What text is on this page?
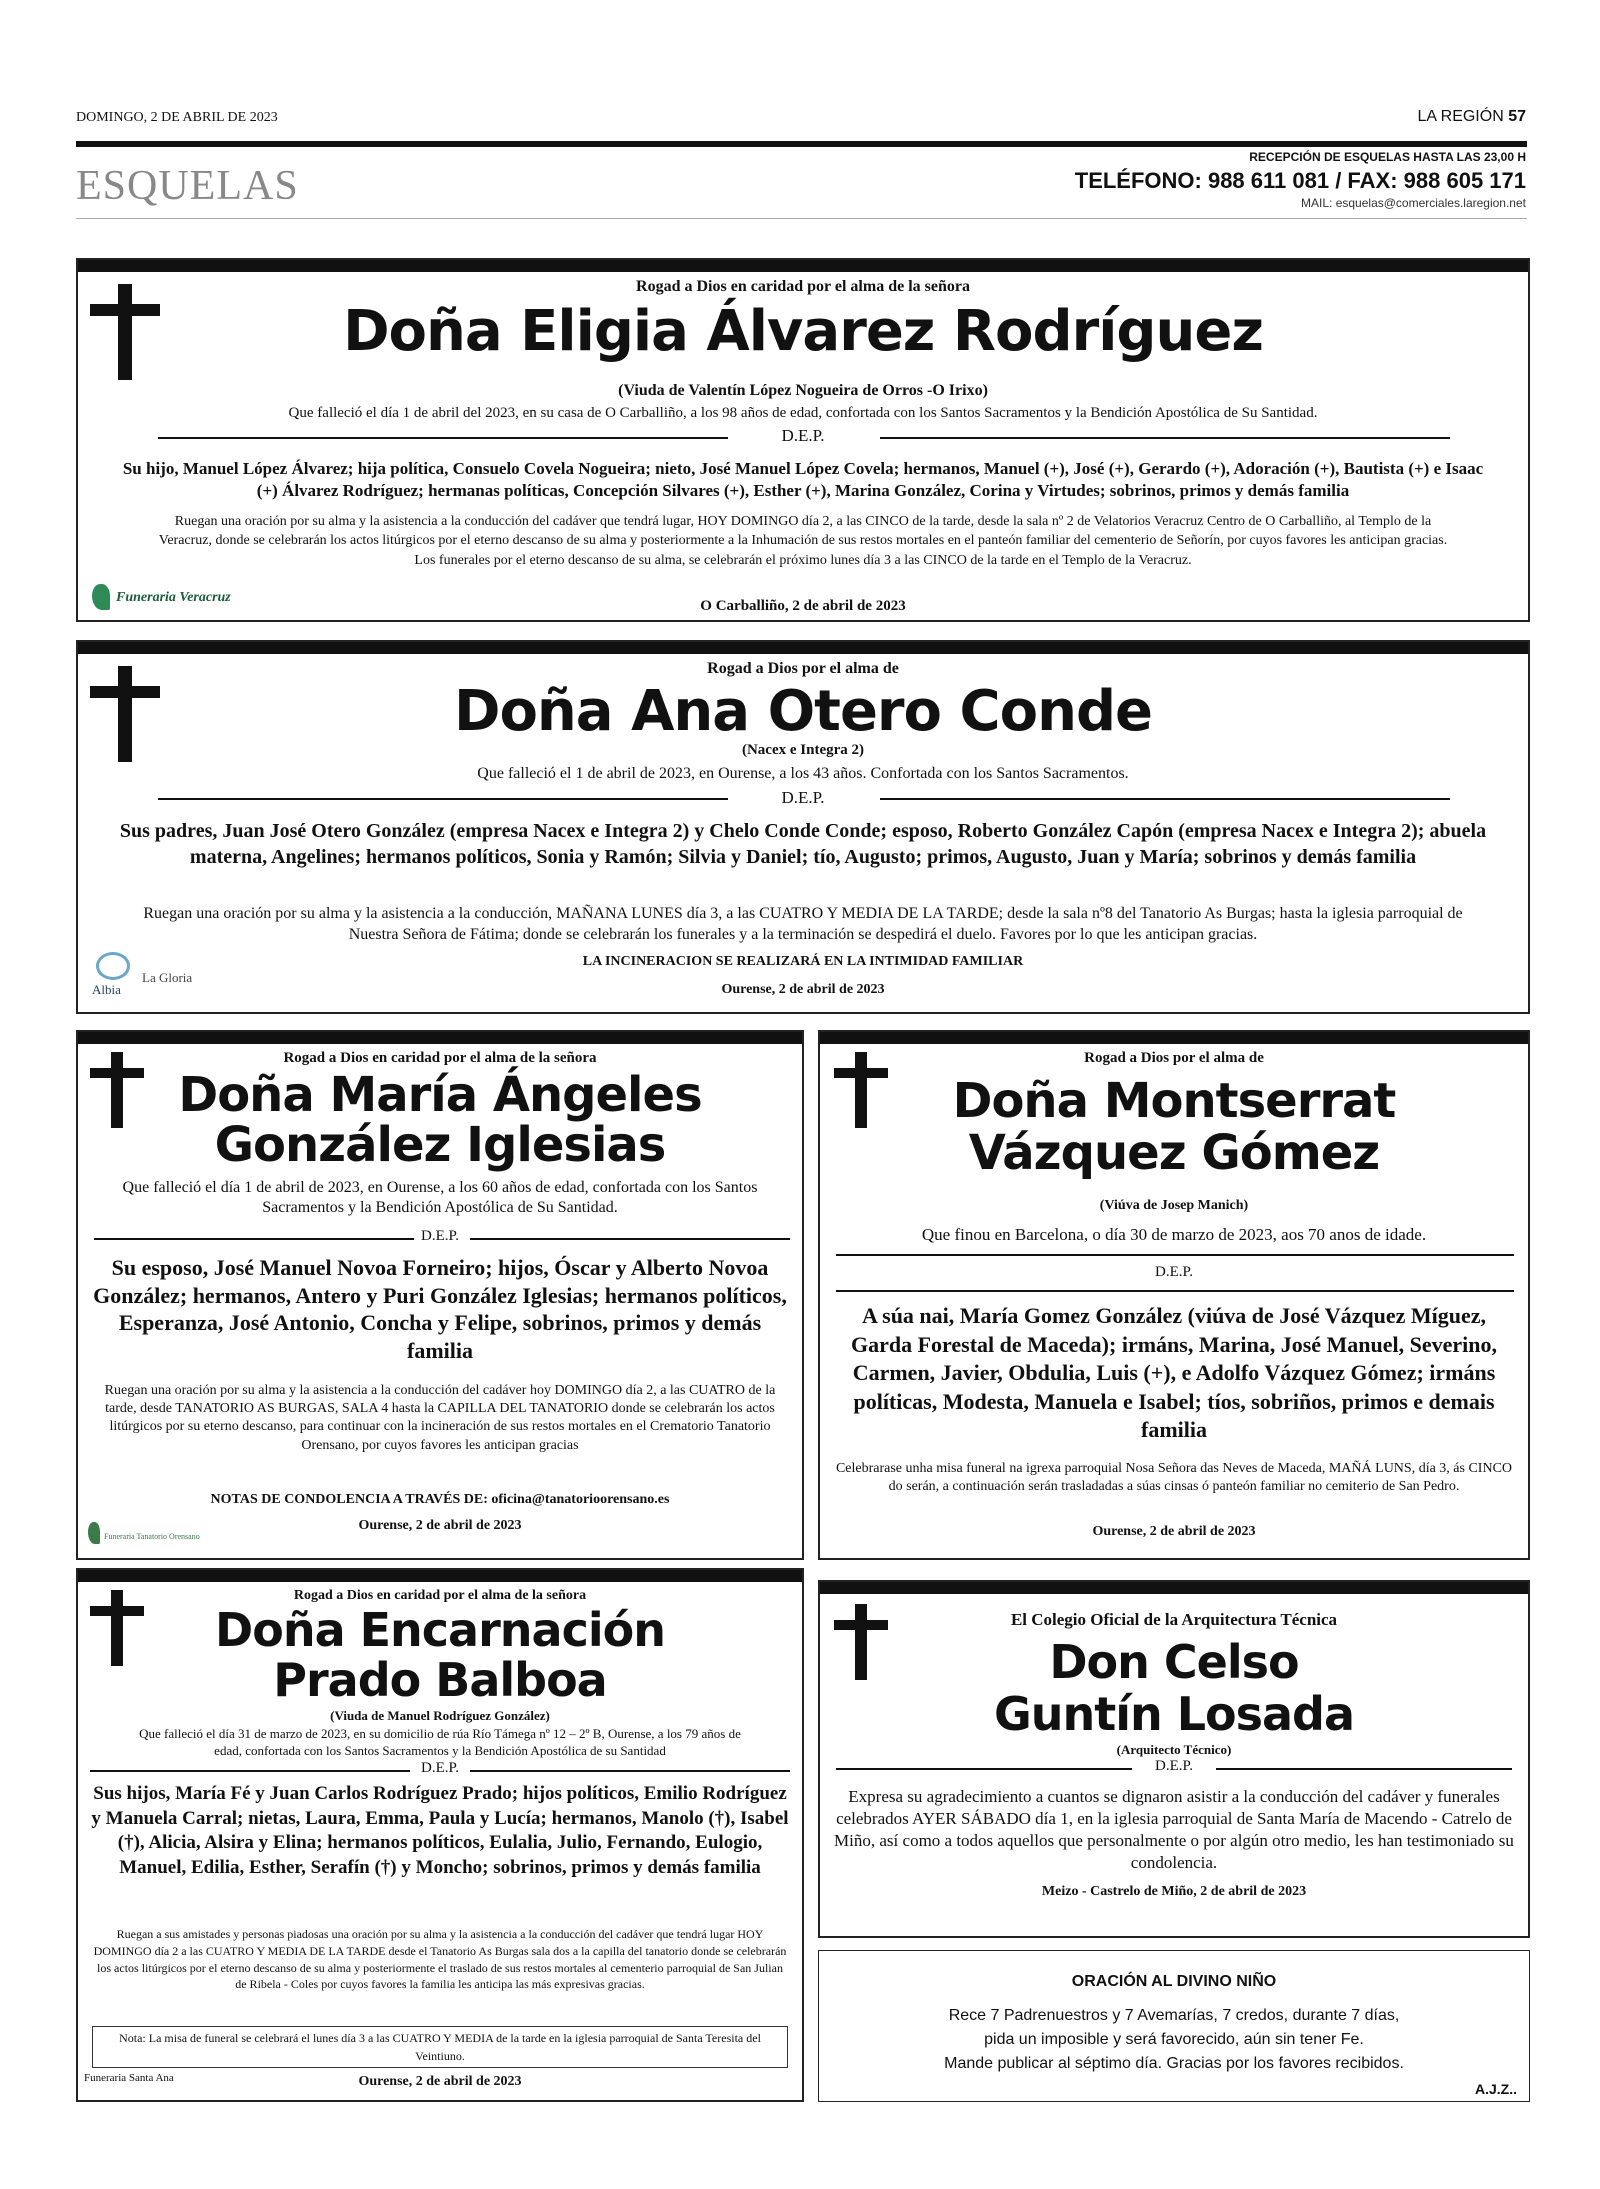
DOMINGO, 2 DE ABRIL DE 2023	LA REGIÓN 57
ESQUELAS
RECEPCIÓN DE ESQUELAS HASTA LAS 23,00 H
TELÉFONO: 988 611 081 / FAX: 988 605 171
MAIL: esquelas@comerciales.laregion.net
Rogad a Dios en caridad por el alma de la señora
Doña Eligia Álvarez Rodríguez
(Viuda de Valentín López Nogueira de Orros -O Irixo)
Que falleció el día 1 de abril del 2023, en su casa de O Carballiño, a los 98 años de edad, confortada con los Santos Sacramentos y la Bendición Apostólica de Su Santidad.
D.E.P.
Su hijo, Manuel López Álvarez; hija política, Consuelo Covela Nogueira; nieto, José Manuel López Covela; hermanos, Manuel (+), José (+), Gerardo (+), Adoración (+), Bautista (+) e Isaac (+) Álvarez Rodríguez; hermanas políticas, Concepción Silvares (+), Esther (+), Marina González, Corina y Virtudes; sobrinos, primos y demás familia
Ruegan una oración por su alma y la asistencia a la conducción del cadáver que tendrá lugar, HOY DOMINGO día 2, a las CINCO de la tarde, desde la sala nº 2 de Velatorios Veracruz Centro de O Carballiño, al Templo de la Veracruz, donde se celebrarán los actos litúrgicos por el eterno descanso de su alma y posteriormente a la Inhumación de sus restos mortales en el panteón familiar del cementerio de Señorín, por cuyos favores les anticipan gracias. Los funerales por el eterno descanso de su alma, se celebrarán el próximo lunes día 3 a las CINCO de la tarde en el Templo de la Veracruz.
O Carballiño, 2 de abril de 2023
Funeraria Veracruz
Rogad a Dios por el alma de
Doña Ana Otero Conde
(Nacex e Integra 2)
Que falleció el 1 de abril de 2023, en Ourense, a los 43 años. Confortada con los Santos Sacramentos.
D.E.P.
Sus padres, Juan José Otero González (empresa Nacex e Integra 2) y Chelo Conde Conde; esposo, Roberto González Capón (empresa Nacex e Integra 2); abuela materna, Angelines; hermanos políticos, Sonia y Ramón; Silvia y Daniel; tío, Augusto; primos, Augusto, Juan y María; sobrinos y demás familia
Ruegan una oración por su alma y la asistencia a la conducción, MAÑANA LUNES día 3, a las CUATRO Y MEDIA DE LA TARDE; desde la sala nº8 del Tanatorio As Burgas; hasta la iglesia parroquial de Nuestra Señora de Fátima; donde se celebrarán los funerales y a la terminación se despedirá el duelo. Favores por lo que les anticipan gracias.
LA INCINERACION SE REALIZARÁ EN LA INTIMIDAD FAMILIAR
Ourense, 2 de abril de 2023
Albia
La Gloria
Rogad a Dios en caridad por el alma de la señora
Doña María Ángeles
González Iglesias
Que falleció el día 1 de abril de 2023, en Ourense, a los 60 años de edad, confortada con los Santos Sacramentos y la Bendición Apostólica de Su Santidad.
D.E.P.
Su esposo, José Manuel Novoa Forneiro; hijos, Óscar y Alberto Novoa González; hermanos, Antero y Puri González Iglesias; hermanos políticos, Esperanza, José Antonio, Concha y Felipe, sobrinos, primos y demás familia
Ruegan una oración por su alma y la asistencia a la conducción del cadáver hoy DOMINGO día 2, a las CUATRO de la tarde, desde TANATORIO AS BURGAS, SALA 4 hasta la CAPILLA DEL TANATORIO donde se celebrarán los actos litúrgicos por su eterno descanso, para continuar con la incineración de sus restos mortales en el Crematorio Tanatorio Orensano, por cuyos favores les anticipan gracias
NOTAS DE CONDOLENCIA A TRAVÉS DE: oficina@tanatorioorensano.es
Ourense, 2 de abril de 2023
Funeraria Tanatorio Orensano
Rogad a Dios por el alma de
Doña Montserrat
Vázquez Gómez
(Viúva de Josep Manich)
Que finou en Barcelona, o día 30 de marzo de 2023, aos 70 anos de idade.
D.E.P.
A súa nai, María Gomez González (viúva de José Vázquez Míguez, Garda Forestal de Maceda); irmáns, Marina, José Manuel, Severino, Carmen, Javier, Obdulia, Luis (+), e Adolfo Vázquez Gómez; irmáns políticas, Modesta, Manuela e Isabel; tíos, sobriños, primos e demais familia
Celebrarase unha misa funeral na igrexa parroquial Nosa Señora das Neves de Maceda, MAÑÁ LUNS, día 3, ás CINCO do serán, a continuación serán trasladadas a súas cinsas ó panteón familiar no cemiterio de San Pedro.
Ourense, 2 de abril de 2023
Rogad a Dios en caridad por el alma de la señora
Doña Encarnación
Prado Balboa
(Viuda de Manuel Rodríguez González)
Que falleció el día 31 de marzo de 2023, en su domicilio de rúa Río Támega nº 12 – 2º B, Ourense, a los 79 años de edad, confortada con los Santos Sacramentos y la Bendición Apostólica de su Santidad
D.E.P.
Sus hijos, María Fé y Juan Carlos Rodríguez Prado; hijos políticos, Emilio Rodríguez y Manuela Carral; nietas, Laura, Emma, Paula y Lucía; hermanos, Manolo (†), Isabel (†), Alicia, Alsira y Elina; hermanos políticos, Eulalia, Julio, Fernando, Eulogio, Manuel, Edilia, Esther, Serafín (†) y Moncho; sobrinos, primos y demás familia
Ruegan a sus amistades y personas piadosas una oración por su alma y la asistencia a la conducción del cadáver que tendrá lugar HOY DOMINGO día 2 a las CUATRO Y MEDIA DE LA TARDE desde el Tanatorio As Burgas sala dos a la capilla del tanatorio donde se celebrarán los actos litúrgicos por el eterno descanso de su alma y posteriormente el traslado de sus restos mortales al cementerio parroquial de San Julian de Ribela - Coles por cuyos favores la familia les anticipa las más expresivas gracias.
Nota: La misa de funeral se celebrará el lunes día 3 a las CUATRO Y MEDIA de la tarde en la iglesia parroquial de Santa Teresita del Veintiuno.
Funeraria Santa Ana	Ourense, 2 de abril de 2023
El Colegio Oficial de la Arquitectura Técnica
Don Celso
Guntín Losada
(Arquitecto Técnico)
D.E.P.
Expresa su agradecimiento a cuantos se dignaron asistir a la conducción del cadáver y funerales celebrados AYER SÁBADO día 1, en la iglesia parroquial de Santa María de Macendo - Catrelo de Miño, así como a todos aquellos que personalmente o por algún otro medio, les han testimoniado su condolencia.
Meizo - Castrelo de Miño, 2 de abril de 2023
ORACIÓN AL DIVINO NIÑO
Rece 7 Padrenuestros y 7 Avemarías, 7 credos, durante 7 días,
pida un imposible y será favorecido, aún sin tener Fe.
Mande publicar al séptimo día. Gracias por los favores recibidos.
A.J.Z..
